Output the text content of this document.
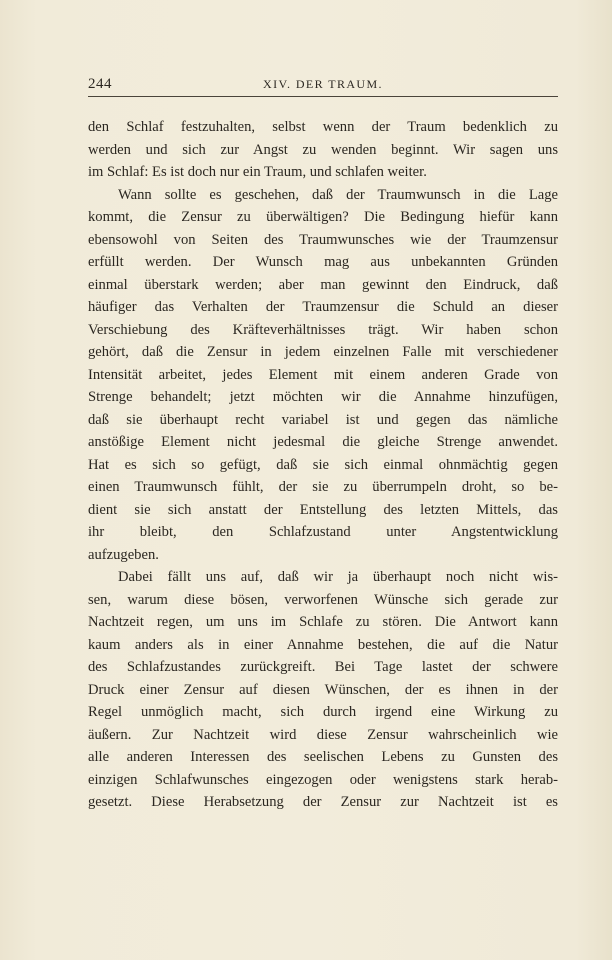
244	XIV. DER TRAUM.
den Schlaf festzuhalten, selbst wenn der Traum bedenklich zu
werden und sich zur Angst zu wenden beginnt. Wir sagen uns
im Schlaf: Es ist doch nur ein Traum, und schlafen weiter.
Wann sollte es geschehen, daß der Traumwunsch in die Lage
kommt, die Zensur zu überwältigen? Die Bedingung hiefür kann
ebensowohl von Seiten des Traumwunsches wie der Traumzensur
erfüllt werden. Der Wunsch mag aus unbekannten Gründen
einmal überstark werden; aber man gewinnt den Eindruck, daß
häufiger das Verhalten der Traumzensur die Schuld an dieser
Verschiebung des Kräfteverhältnisses trägt. Wir haben schon
gehört, daß die Zensur in jedem einzelnen Falle mit verschiedener
Intensität arbeitet, jedes Element mit einem anderen Grade von
Strenge behandelt; jetzt möchten wir die Annahme hinzufügen,
daß sie überhaupt recht variabel ist und gegen das nämliche
anstößige Element nicht jedesmal die gleiche Strenge anwendet.
Hat es sich so gefügt, daß sie sich einmal ohnmächtig gegen
einen Traumwunsch fühlt, der sie zu überrumpeln droht, so be-
dient sie sich anstatt der Entstellung des letzten Mittels, das
ihr bleibt, den Schlafzustand unter Angstentwicklung
aufzugeben.
Dabei fällt uns auf, daß wir ja überhaupt noch nicht wis-
sen, warum diese bösen, verworfenen Wünsche sich gerade zur
Nachtzeit regen, um uns im Schlafe zu stören. Die Antwort kann
kaum anders als in einer Annahme bestehen, die auf die Natur
des Schlafzustandes zurückgreift. Bei Tage lastet der schwere
Druck einer Zensur auf diesen Wünschen, der es ihnen in der
Regel unmöglich macht, sich durch irgend eine Wirkung zu
äußern. Zur Nachtzeit wird diese Zensur wahrscheinlich wie
alle anderen Interessen des seelischen Lebens zu Gunsten des
einzigen Schlafwunsches eingezogen oder wenigstens stark herab-
gesetzt. Diese Herabsetzung der Zensur zur Nachtzeit ist es
